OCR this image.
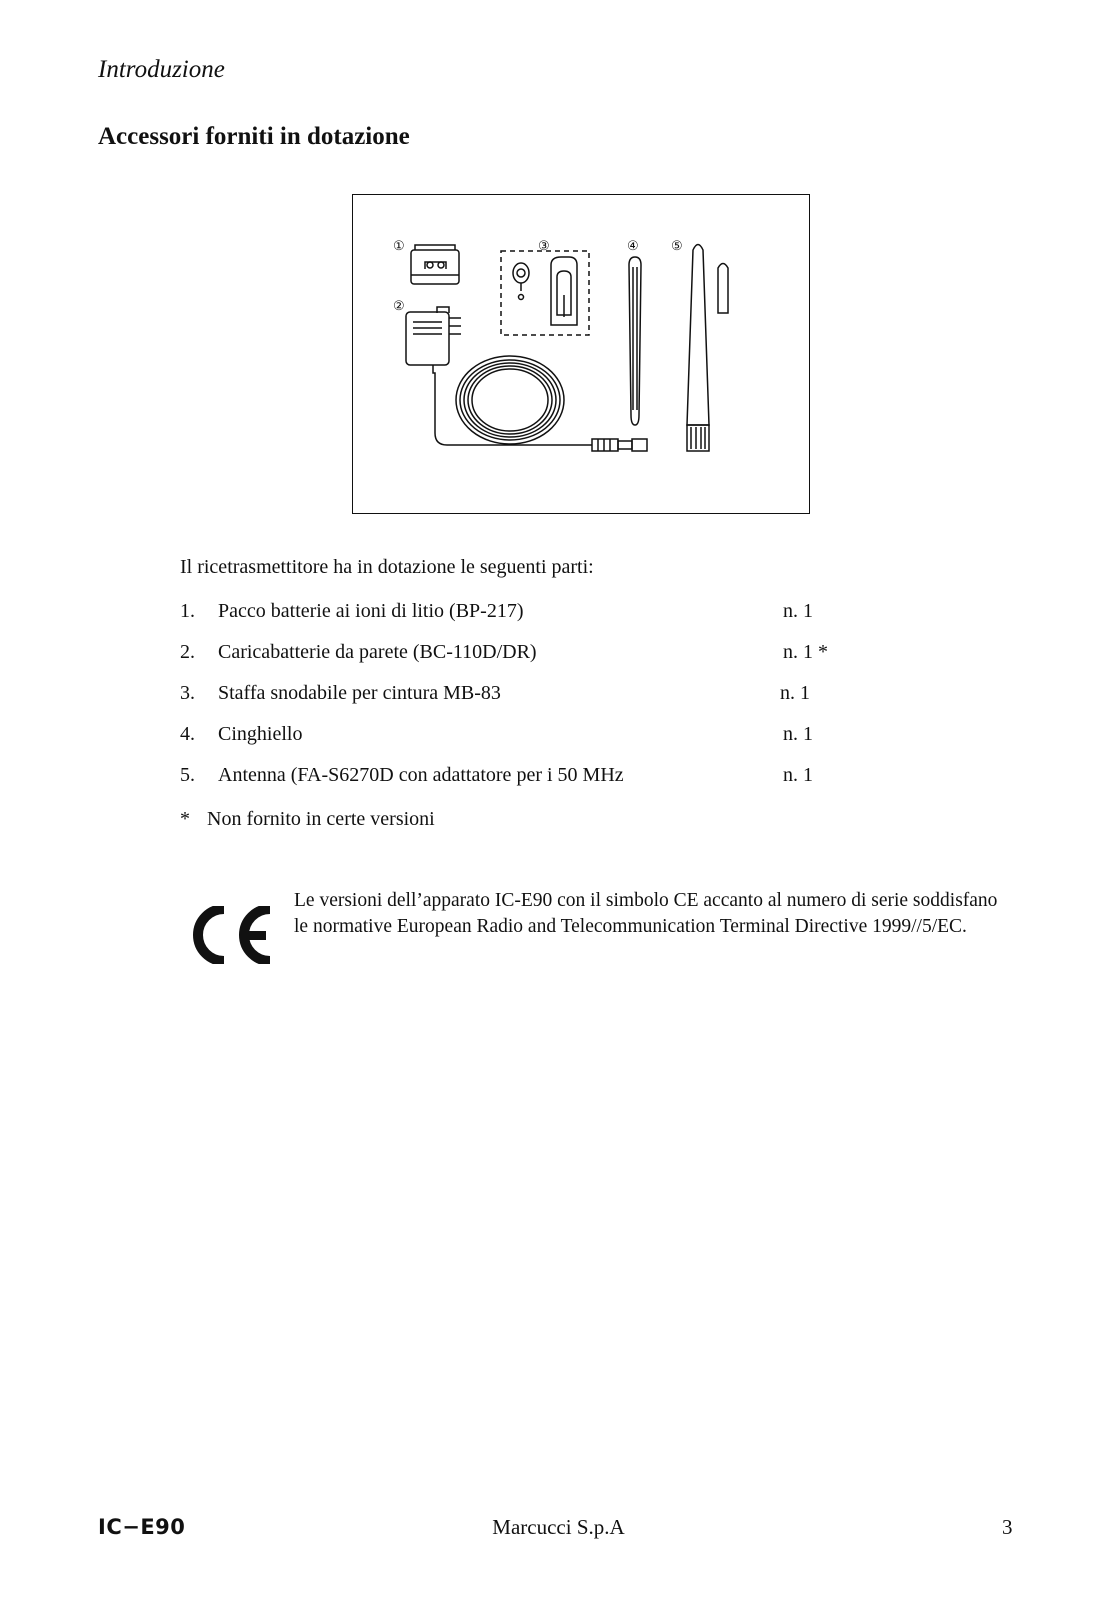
Introduzione
Accessori forniti in dotazione
①
②
③	④ ⑤
Il ricetrasmettitore ha in dotazione le seguenti parti:
1. Pacco batterie ai ioni di litio (BP-217)	n. 1
2. Caricabatterie da parete (BC-110D/DR)	n. 1 *
3. Staffa snodabile per cintura MB-83	n. 1
4. Cinghiello	n. 1
5. Antenna (FA-S6270D con adattatore per i 50 MHz	n. 1
* Non fornito in certe versioni
Le versioni dell’apparato IC-E90 con il simbolo CE accanto al numero di serie soddisfano le normative European Radio and Telecommunication Terminal Directive 1999//5/EC.
IC−E90	Marcucci S.p.A	3
